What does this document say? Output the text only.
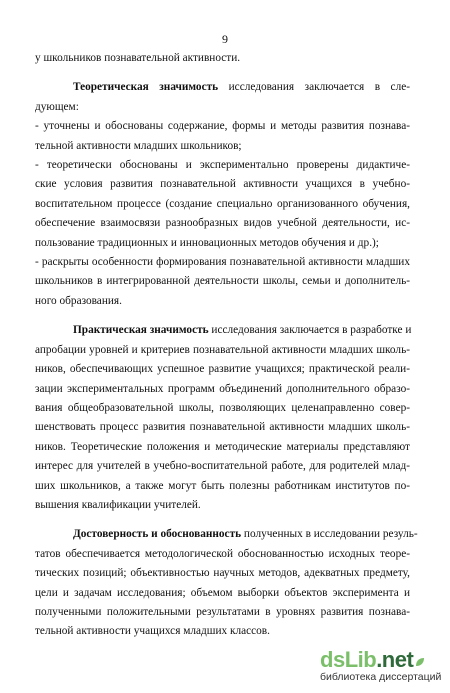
9
у школьников познавательной активности.
Теоретическая значимость исследования заключается в сле-
дующем:
- уточнены и обоснованы содержание, формы и методы развития познава-
тельной активности младших школьников;
- теоретически обоснованы и экспериментально проверены дидактиче-
ские условия развития познавательной активности учащихся в учебно-
воспитательном процессе (создание специально организованного обучения,
обеспечение взаимосвязи разнообразных видов учебной деятельности, ис-
пользование традиционных и инновационных методов обучения и др.);
- раскрыты особенности формирования познавательной активности младших
школьников в интегрированной деятельности школы, семьи и дополнитель-
ного образования.
Практическая значимость исследования заключается в разработке и
апробации уровней и критериев познавательной активности младших школь-
ников, обеспечивающих успешное развитие учащихся; практической реали-
зации экспериментальных программ объединений дополнительного образо-
вания общеобразовательной школы, позволяющих целенаправленно совер-
шенствовать процесс развития познавательной активности младших школь-
ников. Теоретические положения и методические материалы представляют
интерес для учителей в учебно-воспитательной работе, для родителей млад-
ших школьников, а также могут быть полезны работникам институтов по-
вышения квалификации учителей.
Достоверность и обоснованность полученных в исследовании резуль-
татов обеспечивается методологической обоснованностью исходных теоре-
тических позиций; объективностью научных методов, адекватных предмету,
цели и задачам исследования; объемом выборки объектов эксперимента и
полученными положительными результатами в уровнях развития познава-
тельной активности учащихся младших классов.
ds Lib .net
библиотека диссертаций
